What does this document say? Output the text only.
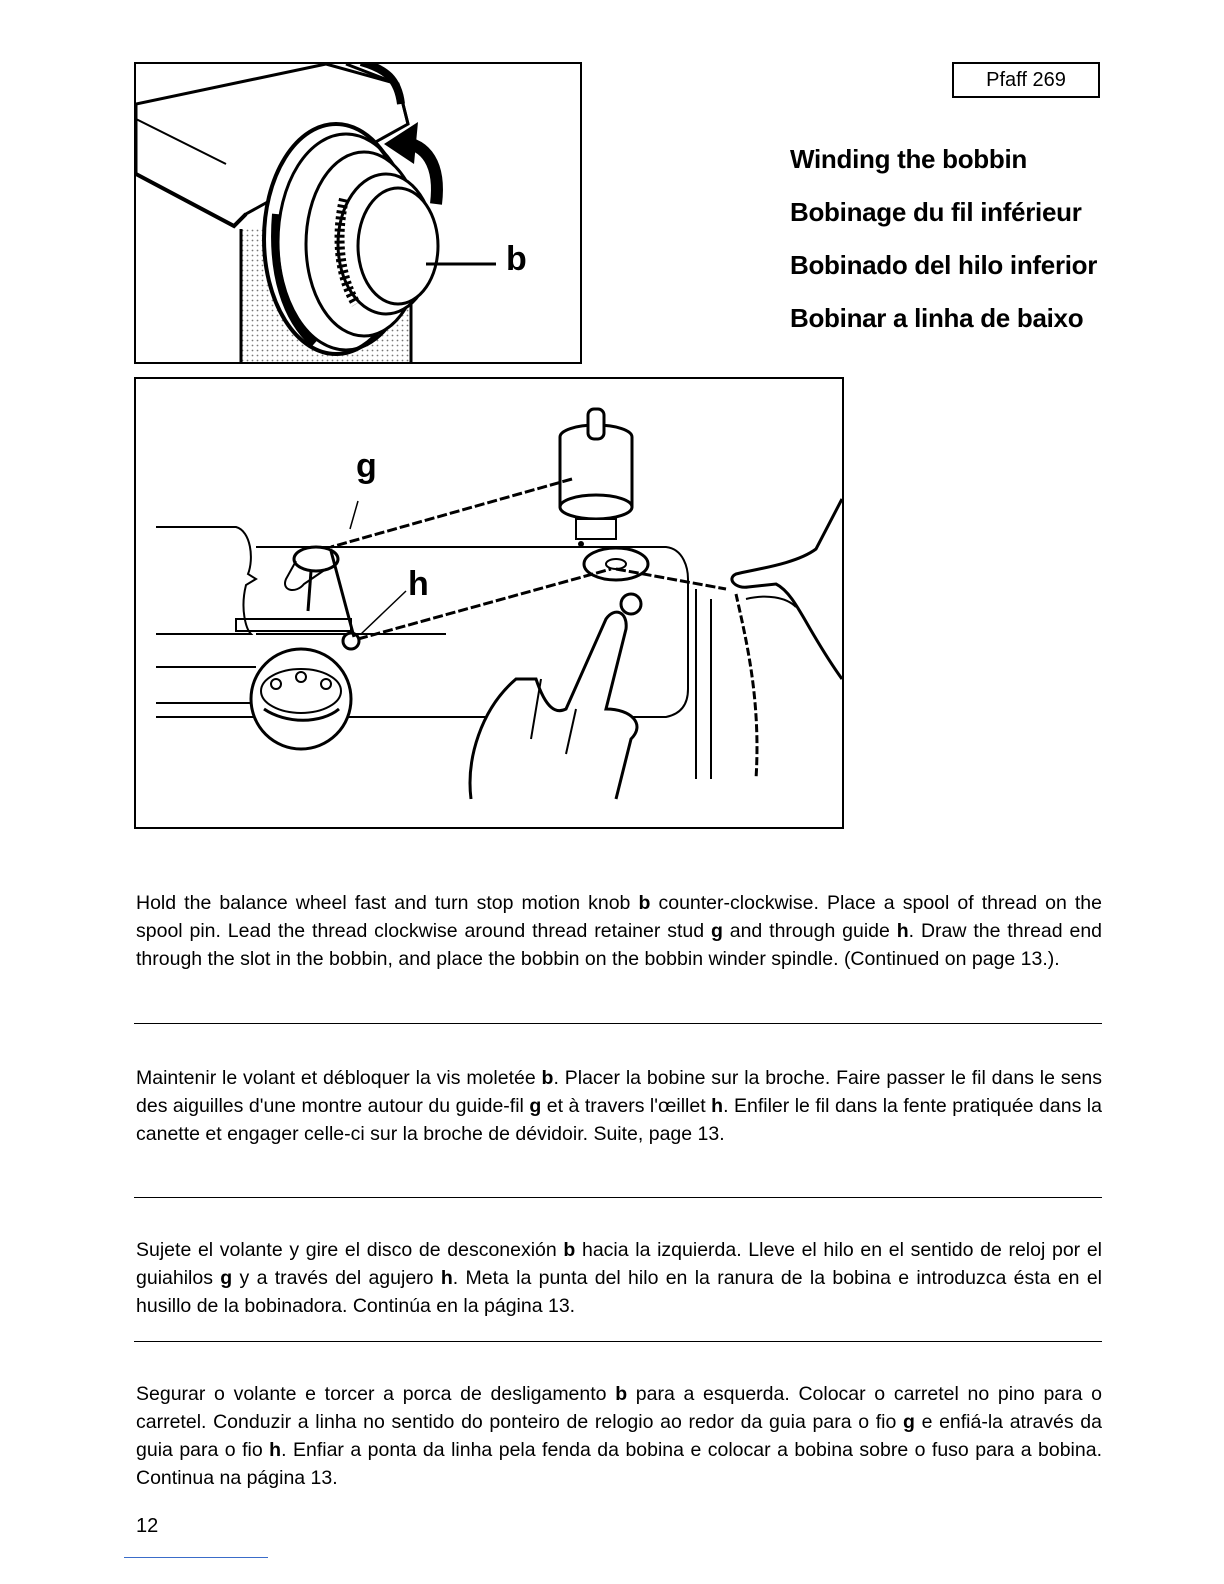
Pfaff 269
Winding the bobbin
Bobinage du fil inférieur
Bobinado del hilo inferior
Bobinar a linha de baixo
b
g
h

Hold the balance wheel fast and turn stop motion knob b counter-clockwise. Place a spool of thread on the spool pin. Lead the thread clockwise around thread retainer stud g and through guide h. Draw the thread end through the slot in the bobbin, and place the bobbin on the bobbin winder spindle. (Continued on page 13.).

Maintenir le volant et débloquer la vis moletée b. Placer la bobine sur la broche. Faire passer le fil dans le sens des aiguilles d'une montre autour du guide-fil g et à travers l'œillet h. Enfiler le fil dans la fente pratiquée dans la canette et engager celle-ci sur la broche de dévidoir. Suite, page 13.

Sujete el volante y gire el disco de desconexión b hacia la izquierda. Lleve el hilo en el sentido de reloj por el guiahilos g y a través del agujero h. Meta la punta del hilo en la ranura de la bobina e introduzca ésta en el husillo de la bobinadora. Continúa en la página 13.

Segurar o volante e torcer a porca de desligamento b para a esquerda. Colocar o carretel no pino para o carretel. Conduzir a linha no sentido do ponteiro de relogio ao redor da guia para o fio g e enfiá-la através da guia para o fio h. Enfiar a ponta da linha pela fenda da bobina e colocar a bobina sobre o fuso para a bobina. Continua na página 13.

12
